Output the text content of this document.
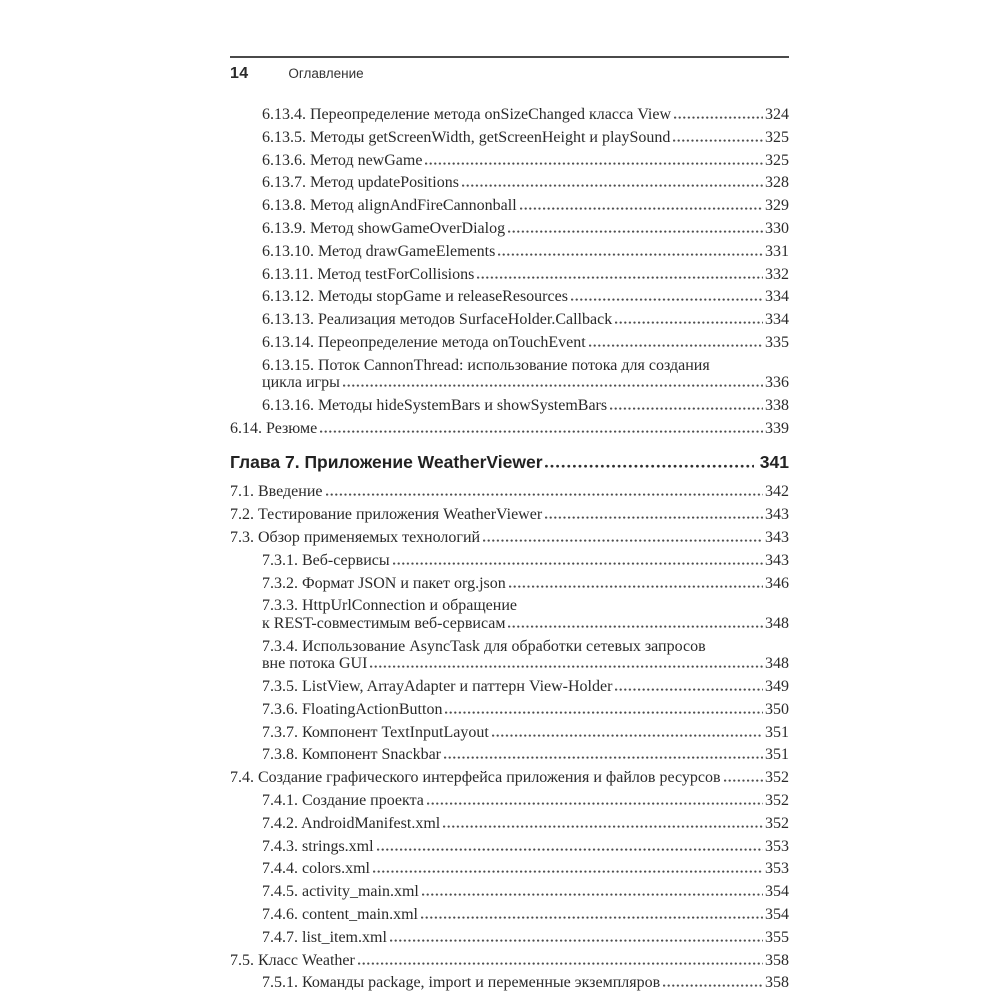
14	Оглавление
6.13.4. Переопределение метода onSizeChanged класса View	324
6.13.5. Методы getScreenWidth, getScreenHeight и playSound	325
6.13.6. Метод newGame	325
6.13.7. Метод updatePositions	328
6.13.8. Метод alignAndFireCannonball	329
6.13.9. Метод showGameOverDialog	330
6.13.10. Метод drawGameElements	331
6.13.11. Метод testForCollisions	332
6.13.12. Методы stopGame и releaseResources	334
6.13.13. Реализация методов SurfaceHolder.Callback	334
6.13.14. Переопределение метода onTouchEvent	335
6.13.15. Поток CannonThread: использование потока для создания
цикла игры	336
6.13.16. Методы hideSystemBars и showSystemBars	338
6.14. Резюме	339
Глава 7. Приложение WeatherViewer	341
7.1. Введение	342
7.2. Тестирование приложения WeatherViewer	343
7.3. Обзор применяемых технологий	343
7.3.1. Веб-сервисы	343
7.3.2. Формат JSON и пакет org.json	346
7.3.3. HttpUrlConnection и обращение
к REST-совместимым веб-сервисам	348
7.3.4. Использование AsyncTask для обработки сетевых запросов
вне потока GUI	348
7.3.5. ListView, ArrayAdapter и паттерн View-Holder	349
7.3.6. FloatingActionButton	350
7.3.7. Компонент TextInputLayout	351
7.3.8. Компонент Snackbar	351
7.4. Создание графического интерфейса приложения и файлов ресурсов	352
7.4.1. Создание проекта	352
7.4.2. AndroidManifest.xml	352
7.4.3. strings.xml	353
7.4.4. colors.xml	353
7.4.5. activity_main.xml	354
7.4.6. content_main.xml	354
7.4.7. list_item.xml	355
7.5. Класс Weather	358
7.5.1. Команды package, import и переменные экземпляров	358
